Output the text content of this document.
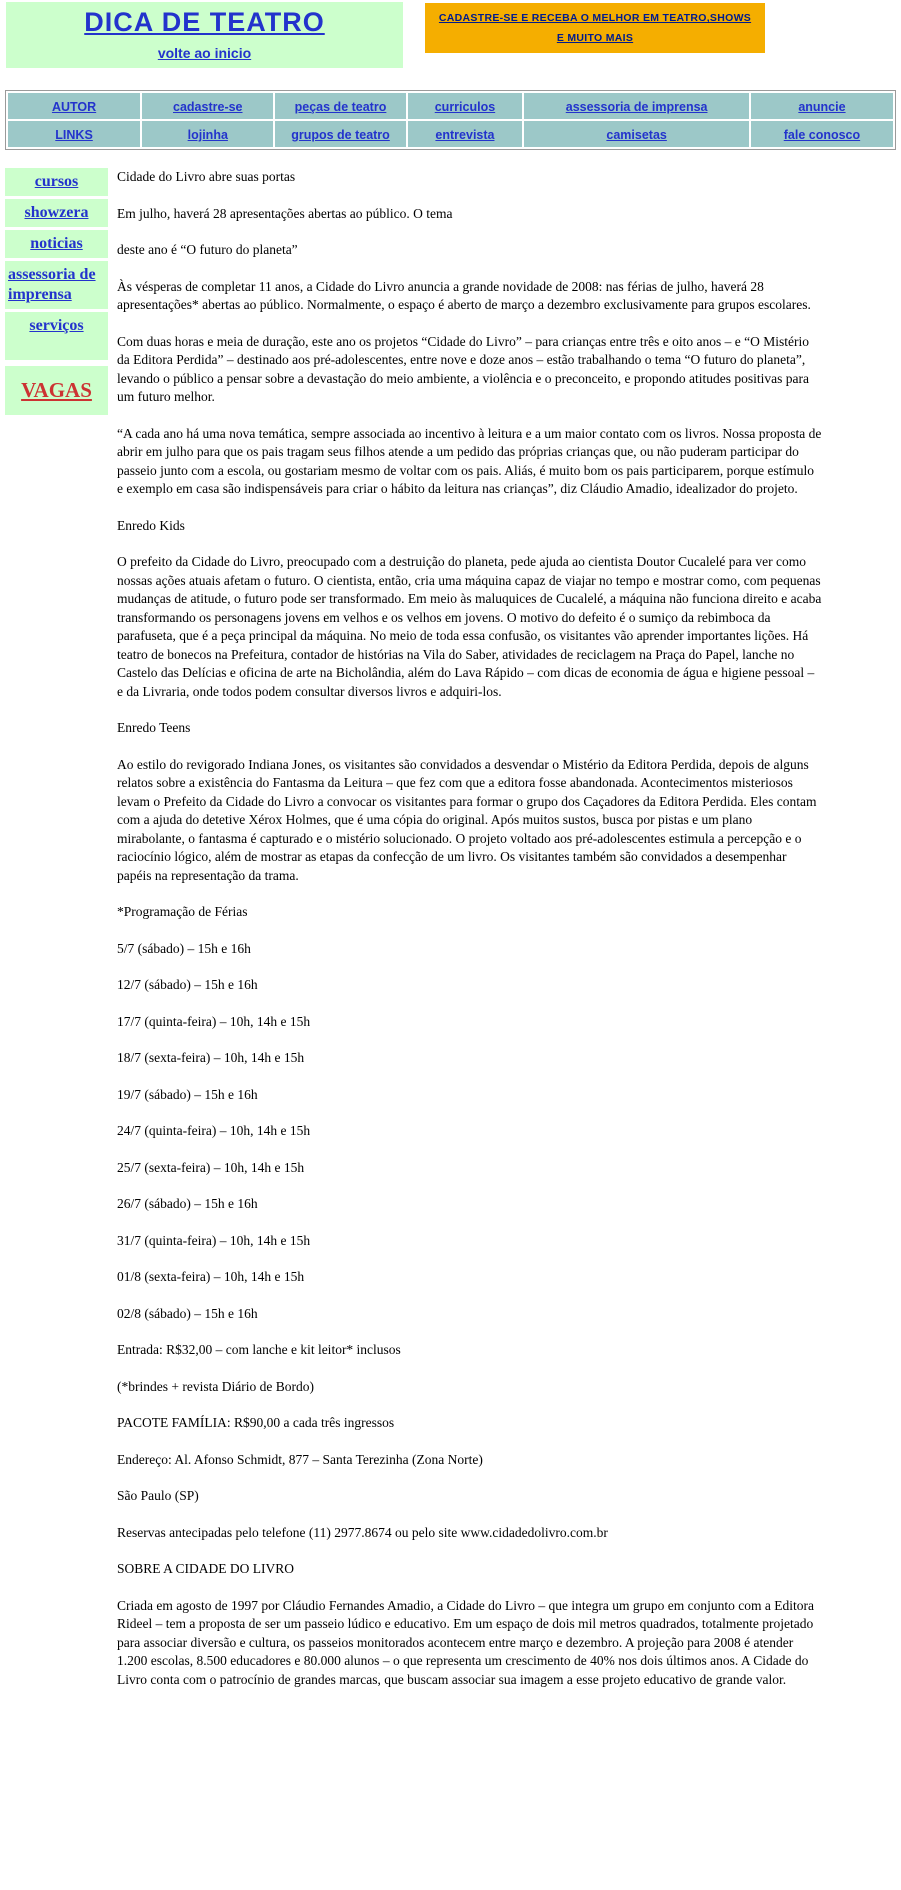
DICA DE TEATRO
volte ao inicio
CADASTRE-SE E RECEBA O MELHOR EM TEATRO,SHOWS
E MUITO MAIS
AUTOR	cadastre-se	peças de teatro	curriculos	assessoria de imprensa	anuncie
LINKS	lojinha	grupos de teatro	entrevista	camisetas	fale conosco
cursos
showzera
noticias
assessoria de imprensa
serviços
VAGAS

Cidade do Livro abre suas portas

Em julho, haverá 28 apresentações abertas ao público. O tema

deste ano é “O futuro do planeta”

Às vésperas de completar 11 anos, a Cidade do Livro anuncia a grande novidade de 2008: nas férias de julho, haverá 28 apresentações* abertas ao público. Normalmente, o espaço é aberto de março a dezembro exclusivamente para grupos escolares.

Com duas horas e meia de duração, este ano os projetos “Cidade do Livro” – para crianças entre três e oito anos – e “O Mistério da Editora Perdida” – destinado aos pré-adolescentes, entre nove e doze anos – estão trabalhando o tema “O futuro do planeta”, levando o público a pensar sobre a devastação do meio ambiente, a violência e o preconceito, e propondo atitudes positivas para um futuro melhor.

“A cada ano há uma nova temática, sempre associada ao incentivo à leitura e a um maior contato com os livros. Nossa proposta de abrir em julho para que os pais tragam seus filhos atende a um pedido das próprias crianças que, ou não puderam participar do passeio junto com a escola, ou gostariam mesmo de voltar com os pais. Aliás, é muito bom os pais participarem, porque estímulo e exemplo em casa são indispensáveis para criar o hábito da leitura nas crianças”, diz Cláudio Amadio, idealizador do projeto.

Enredo Kids

O prefeito da Cidade do Livro, preocupado com a destruição do planeta, pede ajuda ao cientista Doutor Cucalelé para ver como nossas ações atuais afetam o futuro. O cientista, então, cria uma máquina capaz de viajar no tempo e mostrar como, com pequenas mudanças de atitude, o futuro pode ser transformado. Em meio às maluquices de Cucalelé, a máquina não funciona direito e acaba transformando os personagens jovens em velhos e os velhos em jovens. O motivo do defeito é o sumiço da rebimboca da parafuseta, que é a peça principal da máquina. No meio de toda essa confusão, os visitantes vão aprender importantes lições. Há teatro de bonecos na Prefeitura, contador de histórias na Vila do Saber, atividades de reciclagem na Praça do Papel, lanche no Castelo das Delícias e oficina de arte na Bicholândia, além do Lava Rápido – com dicas de economia de água e higiene pessoal – e da Livraria, onde todos podem consultar diversos livros e adquiri-los.

Enredo Teens

Ao estilo do revigorado Indiana Jones, os visitantes são convidados a desvendar o Mistério da Editora Perdida, depois de alguns relatos sobre a existência do Fantasma da Leitura – que fez com que a editora fosse abandonada. Acontecimentos misteriosos levam o Prefeito da Cidade do Livro a convocar os visitantes para formar o grupo dos Caçadores da Editora Perdida. Eles contam com a ajuda do detetive Xérox Holmes, que é uma cópia do original. Após muitos sustos, busca por pistas e um plano mirabolante, o fantasma é capturado e o mistério solucionado. O projeto voltado aos pré-adolescentes estimula a percepção e o raciocínio lógico, além de mostrar as etapas da confecção de um livro. Os visitantes também são convidados a desempenhar papéis na representação da trama.

*Programação de Férias

5/7 (sábado) – 15h e 16h

12/7 (sábado) – 15h e 16h

17/7 (quinta-feira) – 10h, 14h e 15h

18/7 (sexta-feira) – 10h, 14h e 15h

19/7 (sábado) – 15h e 16h

24/7 (quinta-feira) – 10h, 14h e 15h

25/7 (sexta-feira) – 10h, 14h e 15h

26/7 (sábado) – 15h e 16h

31/7 (quinta-feira) – 10h, 14h e 15h

01/8 (sexta-feira) – 10h, 14h e 15h

02/8 (sábado) – 15h e 16h

Entrada: R$32,00 – com lanche e kit leitor* inclusos

(*brindes + revista Diário de Bordo)

PACOTE FAMÍLIA: R$90,00 a cada três ingressos

Endereço: Al. Afonso Schmidt, 877 – Santa Terezinha (Zona Norte)

São Paulo (SP)

Reservas antecipadas pelo telefone (11) 2977.8674 ou pelo site www.cidadedolivro.com.br

SOBRE A CIDADE DO LIVRO

Criada em agosto de 1997 por Cláudio Fernandes Amadio, a Cidade do Livro – que integra um grupo em conjunto com a Editora Rideel – tem a proposta de ser um passeio lúdico e educativo. Em um espaço de dois mil metros quadrados, totalmente projetado para associar diversão e cultura, os passeios monitorados acontecem entre março e dezembro. A projeção para 2008 é atender 1.200 escolas, 8.500 educadores e 80.000 alunos – o que representa um crescimento de 40% nos dois últimos anos. A Cidade do Livro conta com o patrocínio de grandes marcas, que buscam associar sua imagem a esse projeto educativo de grande valor.
